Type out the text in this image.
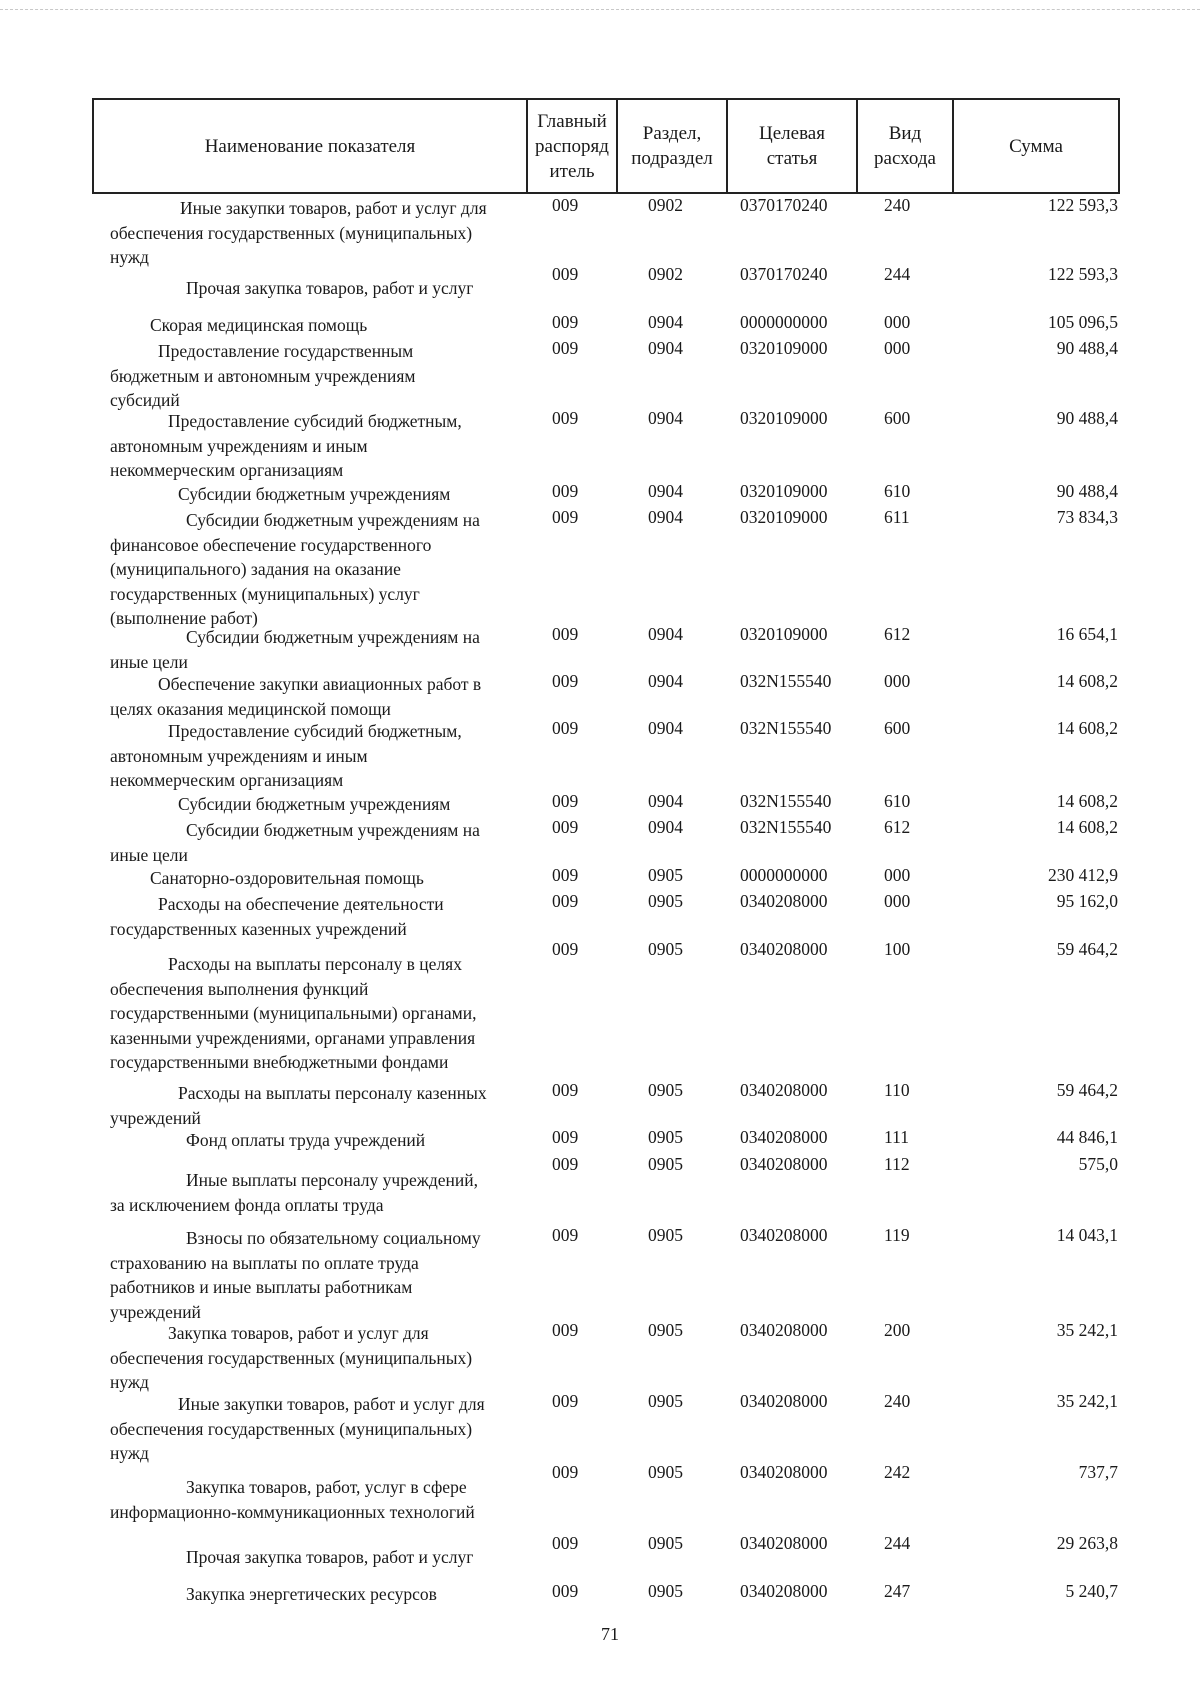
Наименование показателя	Главный
распоряд
итель	Раздел,
подраздел	Целевая
статья	Вид
расхода	Сумма
Иные закупки товаров, работ и услуг для
обеспечения государственных (муниципальных)
нужд
009	0902	0370170240	240	122 593,3
Прочая закупка товаров, работ и услуг
009	0902	0370170240	244	122 593,3
Скорая медицинская помощь	009	0904	0000000000	000	105 096,5
Предоставление государственным
бюджетным и автономным учреждениям
субсидий
009	0904	0320109000	000	90 488,4
Предоставление субсидий бюджетным,
автономным учреждениям и иным
некоммерческим организациям
009	0904	0320109000	600	90 488,4
Субсидии бюджетным учреждениям	009	0904	0320109000	610	90 488,4
Субсидии бюджетным учреждениям на
финансовое обеспечение государственного
(муниципального) задания на оказание
государственных (муниципальных) услуг
(выполнение работ)
009	0904	0320109000	611	73 834,3
Субсидии бюджетным учреждениям на
иные цели
009	0904	0320109000	612	16 654,1
Обеспечение закупки авиационных работ в
целях оказания медицинской помощи
009	0904	032N155540	000	14 608,2
Предоставление субсидий бюджетным,
автономным учреждениям и иным
некоммерческим организациям
009	0904	032N155540	600	14 608,2
Субсидии бюджетным учреждениям	009	0904	032N155540	610	14 608,2
Субсидии бюджетным учреждениям на
иные цели
009	0904	032N155540	612	14 608,2
Санаторно-оздоровительная помощь	009	0905	0000000000	000	230 412,9
Расходы на обеспечение деятельности
государственных казенных учреждений
009	0905	0340208000	000	95 162,0
Расходы на выплаты персоналу в целях
обеспечения выполнения функций
государственными (муниципальными) органами,
казенными учреждениями, органами управления
государственными внебюджетными фондами
009	0905	0340208000	100	59 464,2
Расходы на выплаты персоналу казенных
учреждений
009	0905	0340208000	110	59 464,2
Фонд оплаты труда учреждений	009	0905	0340208000	111	44 846,1
Иные выплаты персоналу учреждений,
за исключением фонда оплаты труда
009	0905	0340208000	112	575,0
Взносы по обязательному социальному
страхованию на выплаты по оплате труда
работников и иные выплаты работникам
учреждений
009	0905	0340208000	119	14 043,1
Закупка товаров, работ и услуг для
обеспечения государственных (муниципальных)
нужд
009	0905	0340208000	200	35 242,1
Иные закупки товаров, работ и услуг для
обеспечения государственных (муниципальных)
нужд
009	0905	0340208000	240	35 242,1
Закупка товаров, работ, услуг в сфере
информационно-коммуникационных технологий
009	0905	0340208000	242	737,7
Прочая закупка товаров, работ и услуг
009	0905	0340208000	244	29 263,8
Закупка энергетических ресурсов	009	0905	0340208000	247	5 240,7
71
